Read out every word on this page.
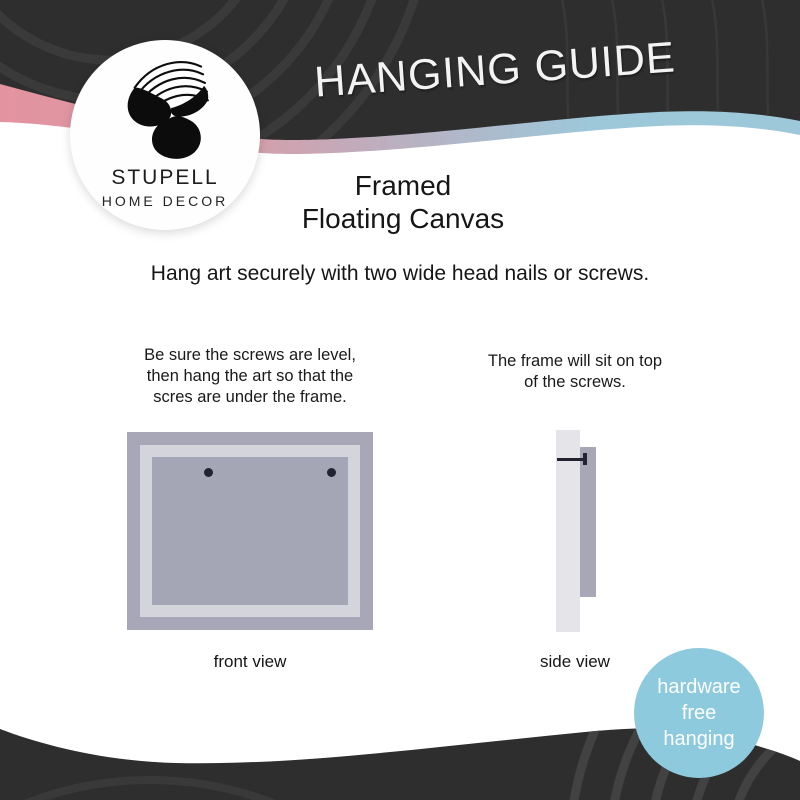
HANGING GUIDE
STUPELL
HOME DECOR	Framed
Floating Canvas
Hang art securely with two wide head nails or screws.
Be sure the screws are level,
then hang the art so that the
scres are under the frame.
front view
The frame will sit on top
of the screws.
side view
hardware
free
hanging
